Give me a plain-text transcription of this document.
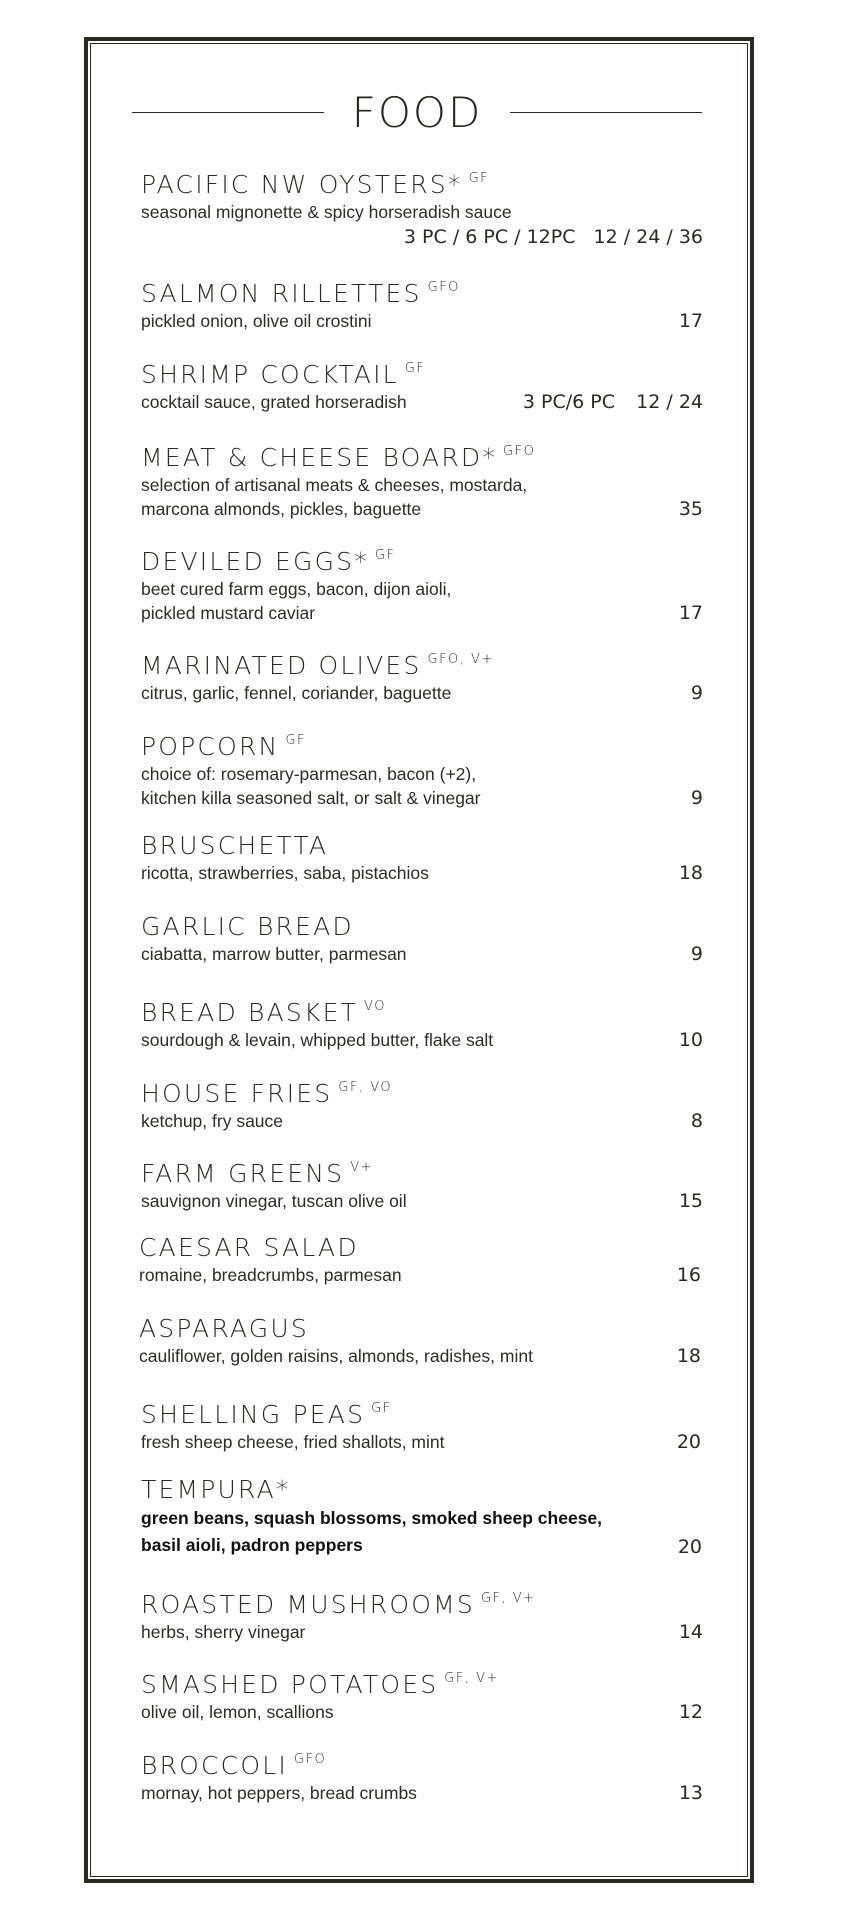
FOOD
PACIFIC NW OYSTERS* $^{GF}$
seasonal mignonette & spicy horseradish sauce
3 PC / 6 PC / 12PC 12 / 24 / 36
SALMON RILLETTES $^{GFO}$
pickled onion, olive oil crostini	17
SHRIMP COCKTAIL $^{GF}$
cocktail sauce, grated horseradish	3 PC/6 PC 12 / 24
MEAT & CHEESE BOARD* $^{GFO}$
selection of artisanal meats & cheeses, mostarda,
marcona almonds, pickles, baguette	35
DEVILED EGGS* $^{GF}$
beet cured farm eggs, bacon, dijon aioli,
pickled mustard caviar	17
MARINATED OLIVES $^{GFO, V+}$
citrus, garlic, fennel, coriander, baguette	9
POPCORN $^{GF}$
choice of: rosemary-parmesan, bacon (+2),
kitchen killa seasoned salt, or salt & vinegar	9
BRUSCHETTA
ricotta, strawberries, saba, pistachios	18
GARLIC BREAD
ciabatta, marrow butter, parmesan	9
BREAD BASKET $^{VO}$
sourdough & levain, whipped butter, flake salt	10
HOUSE FRIES $^{GF, VO}$
ketchup, fry sauce	8
FARM GREENS $^{V+}$
sauvignon vinegar, tuscan olive oil	15
CAESAR SALAD
romaine, breadcrumbs, parmesan	16
ASPARAGUS
cauliflower, golden raisins, almonds, radishes, mint	18
SHELLING PEAS $^{GF}$
fresh sheep cheese, fried shallots, mint	20
TEMPURA*
green beans, squash blossoms, smoked sheep cheese,
basil aioli, padron peppers	20
ROASTED MUSHROOMS $^{GF, V+}$
herbs, sherry vinegar	14
SMASHED POTATOES $^{GF, V+}$
olive oil, lemon, scallions	12
BROCCOLI $^{GFO}$
mornay, hot peppers, bread crumbs	13
